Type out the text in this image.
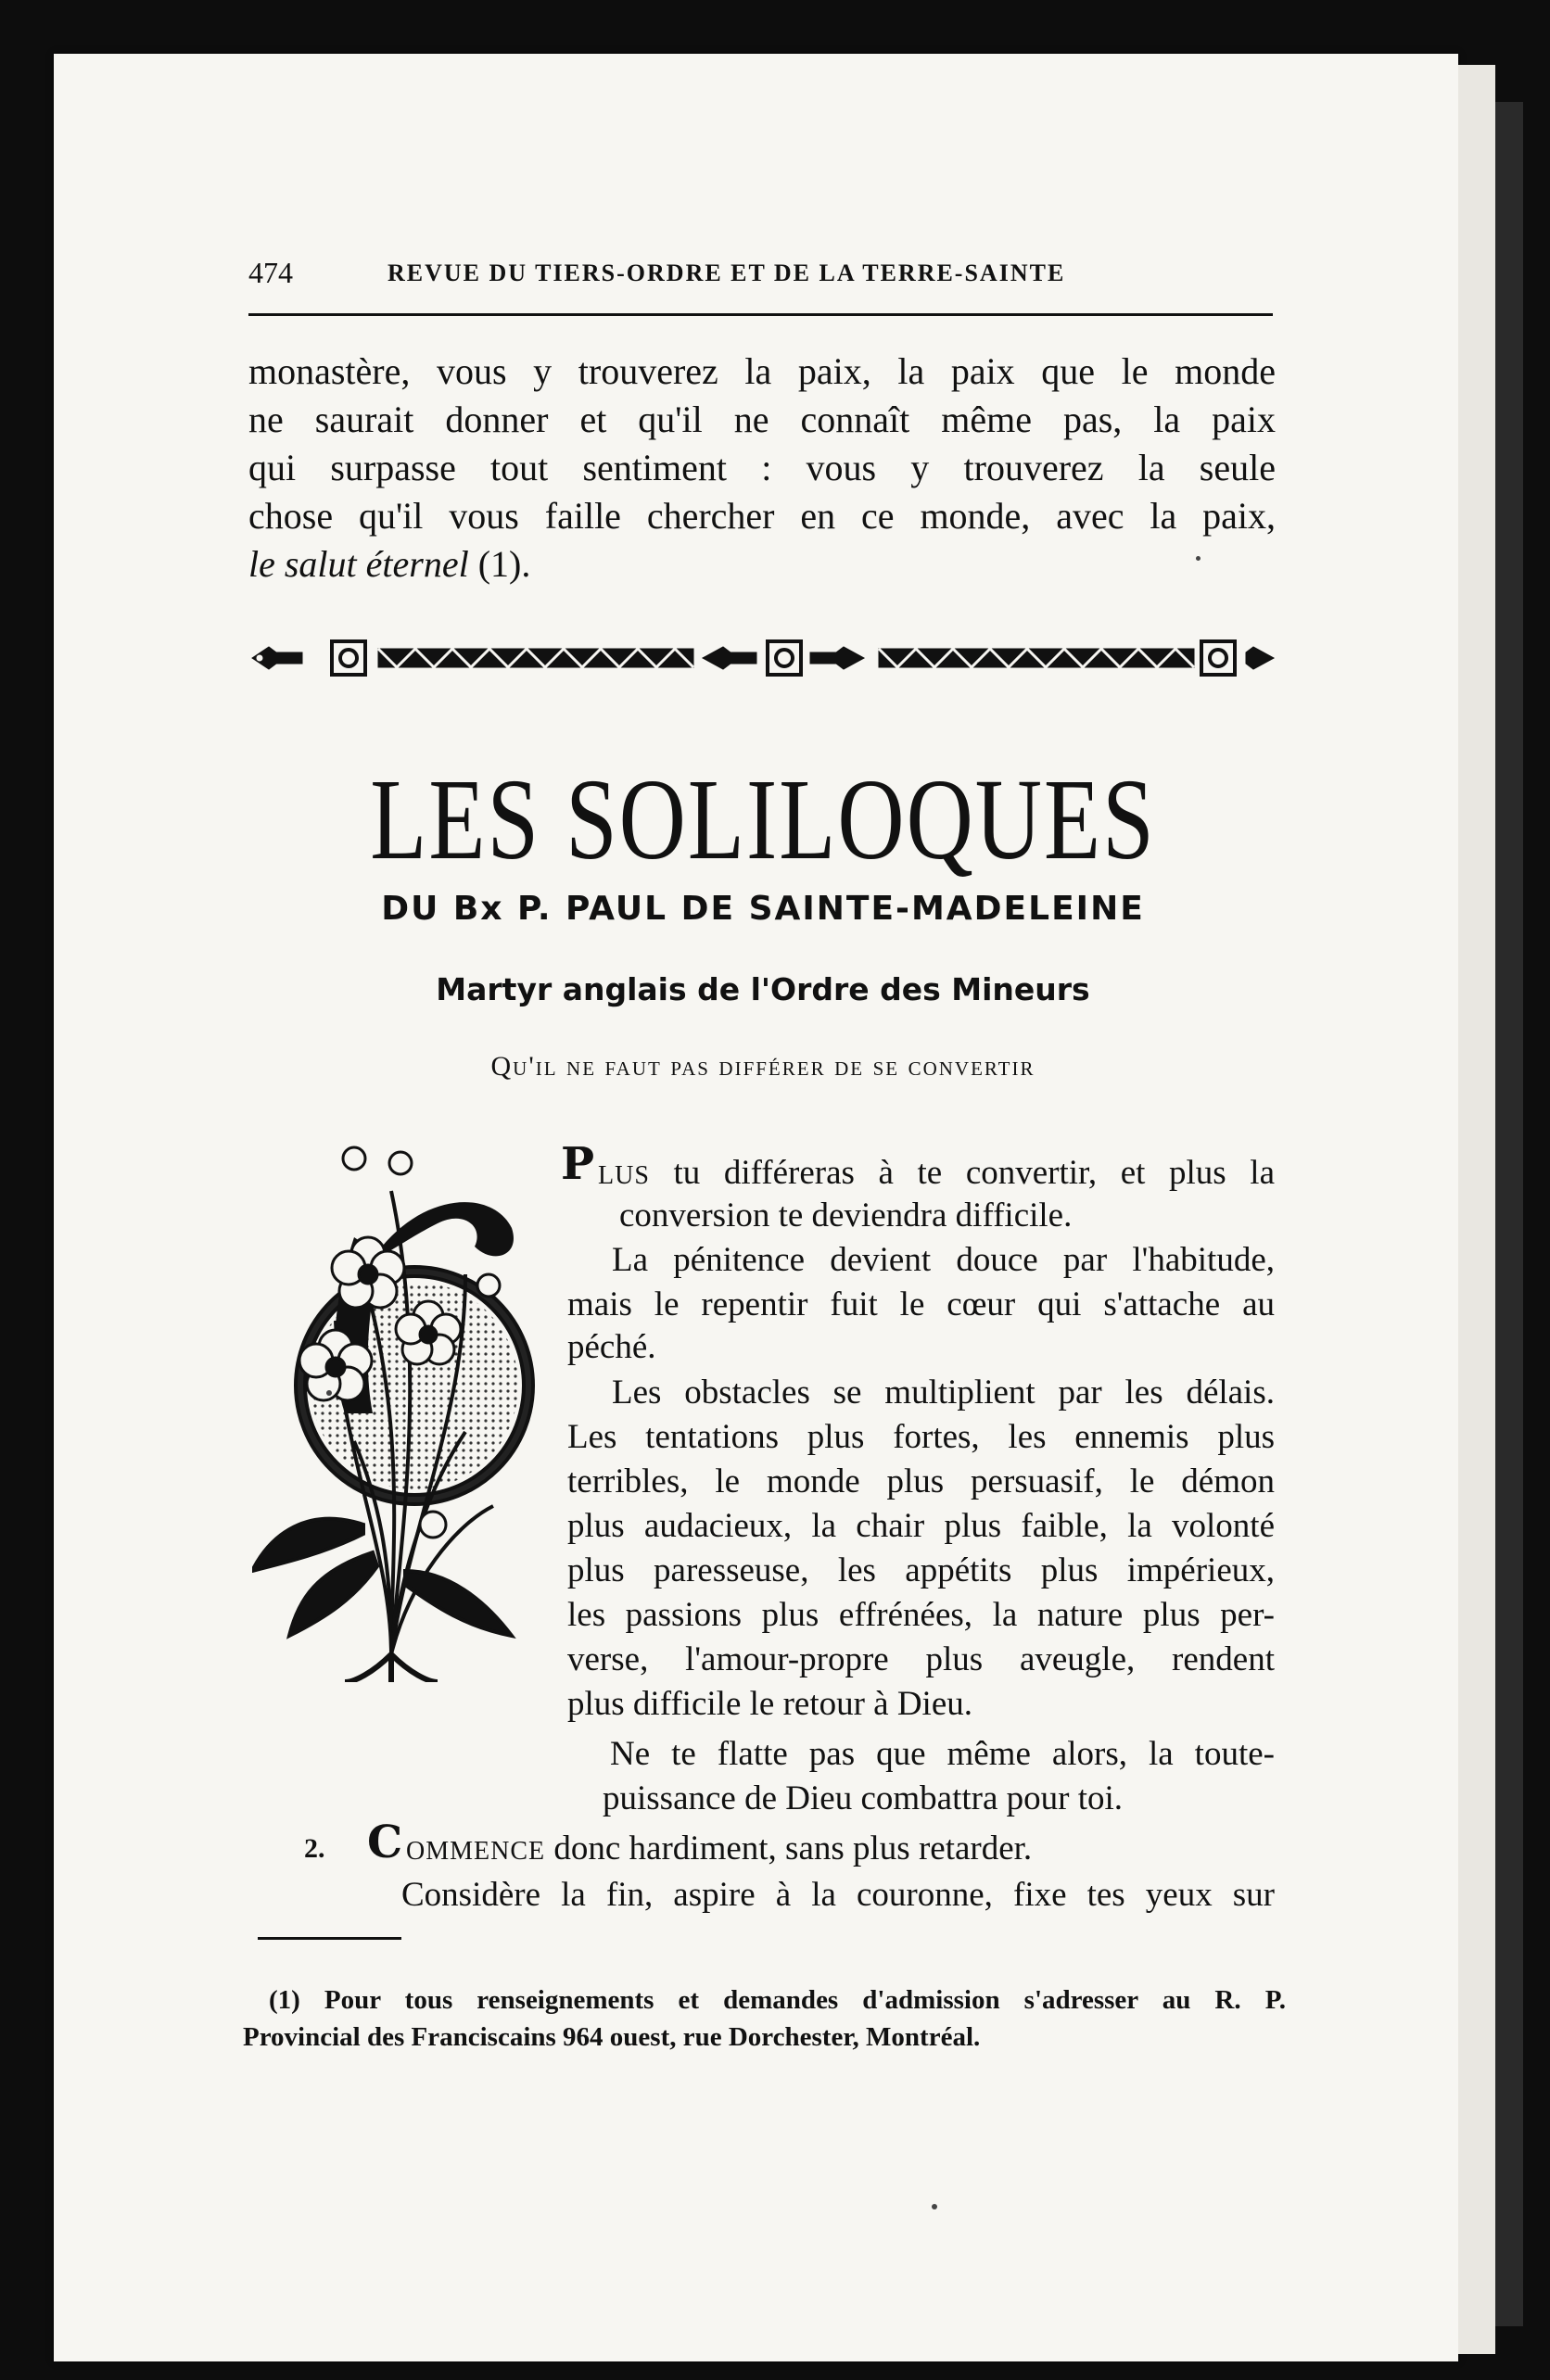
474	REVUE DU TIERS-ORDRE ET DE LA TERRE-SAINTE
monastère, vous y trouverez la paix, la paix que le monde
ne saurait donner et qu'il ne connaît même pas, la paix
qui surpasse tout sentiment : vous y trouverez la seule
chose qu'il vous faille chercher en ce monde, avec la paix,
le salut éternel (1).
LES SOLILOQUES
DU Bx P. PAUL DE SAINTE-MADELEINE
Martyr anglais de l'Ordre des Mineurs
Qu'il ne faut pas différer de se convertir
P LUS tu différeras à te convertir, et plus la
conversion te deviendra difficile.
La pénitence devient douce par l'habitude,
mais le repentir fuit le cœur qui s'attache au
péché.
Les obstacles se multiplient par les délais.
Les tentations plus fortes, les ennemis plus
terribles, le monde plus persuasif, le démon
plus audacieux, la chair plus faible, la volonté
plus paresseuse, les appétits plus impérieux,
les passions plus effrénées, la nature plus per-
verse, l'amour-propre plus aveugle, rendent
plus difficile le retour à Dieu.
Ne te flatte pas que même alors, la toute-
puissance de Dieu combattra pour toi.
2. C OMMENCE donc hardiment, sans plus retarder.
Considère la fin, aspire à la couronne, fixe tes yeux sur
(1) Pour tous renseignements et demandes d'admission s'adresser au R. P.
Provincial des Franciscains 964 ouest, rue Dorchester, Montréal.
